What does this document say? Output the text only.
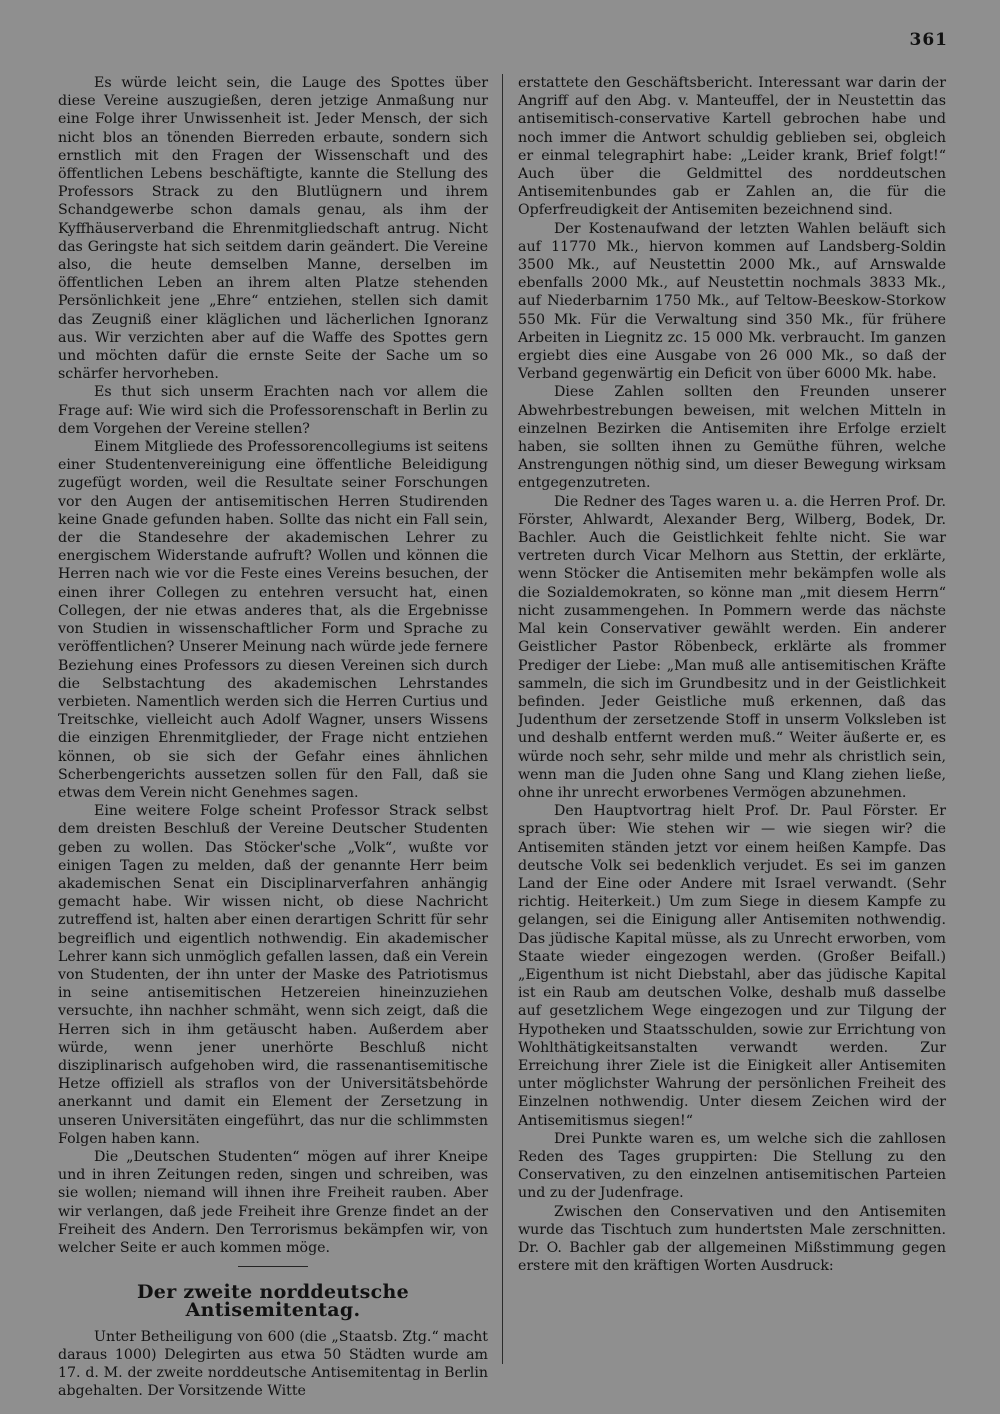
361

Es würde leicht sein, die Lauge des Spottes über diese Vereine auszugießen, deren jetzige Anmaßung nur eine Folge ihrer Unwissenheit ist. Jeder Mensch, der sich nicht blos an tönenden Bierreden erbaute, sondern sich ernstlich mit den Fragen der Wissenschaft und des öffentlichen Lebens beschäftigte, kannte die Stellung des Professors Strack zu den Blutlügnern und ihrem Schandgewerbe schon damals genau, als ihm der Kyffhäuserverband die Ehrenmitgliedschaft antrug. Nicht das Geringste hat sich seitdem darin geändert. Die Vereine also, die heute demselben Manne, derselben im öffentlichen Leben an ihrem alten Platze stehenden Persönlichkeit jene „Ehre“ entziehen, stellen sich damit das Zeugniß einer kläglichen und lächerlichen Ignoranz aus. Wir verzichten aber auf die Waffe des Spottes gern und möchten dafür die ernste Seite der Sache um so schärfer hervorheben.

Es thut sich unserm Erachten nach vor allem die Frage auf: Wie wird sich die Professorenschaft in Berlin zu dem Vorgehen der Vereine stellen?

Einem Mitgliede des Professorencollegiums ist seitens einer Studentenvereinigung eine öffentliche Beleidigung zugefügt worden, weil die Resultate seiner Forschungen vor den Augen der antisemitischen Herren Studirenden keine Gnade gefunden haben. Sollte das nicht ein Fall sein, der die Standesehre der akademischen Lehrer zu energischem Widerstande aufruft? Wollen und können die Herren nach wie vor die Feste eines Vereins besuchen, der einen ihrer Collegen zu entehren versucht hat, einen Collegen, der nie etwas anderes that, als die Ergebnisse von Studien in wissenschaftlicher Form und Sprache zu veröffentlichen? Unserer Meinung nach würde jede fernere Beziehung eines Professors zu diesen Vereinen sich durch die Selbstachtung des akademischen Lehrstandes verbieten. Namentlich werden sich die Herren Curtius und Treitschke, vielleicht auch Adolf Wagner, unsers Wissens die einzigen Ehrenmitglieder, der Frage nicht entziehen können, ob sie sich der Gefahr eines ähnlichen Scherbengerichts aussetzen sollen für den Fall, daß sie etwas dem Verein nicht Genehmes sagen.

Eine weitere Folge scheint Professor Strack selbst dem dreisten Beschluß der Vereine Deutscher Studenten geben zu wollen. Das Stöcker'sche „Volk“, wußte vor einigen Tagen zu melden, daß der genannte Herr beim akademischen Senat ein Disciplinarverfahren anhängig gemacht habe. Wir wissen nicht, ob diese Nachricht zutreffend ist, halten aber einen derartigen Schritt für sehr begreiflich und eigentlich nothwendig. Ein akademischer Lehrer kann sich unmöglich gefallen lassen, daß ein Verein von Studenten, der ihn unter der Maske des Patriotismus in seine antisemitischen Hetzereien hineinzuziehen versuchte, ihn nachher schmäht, wenn sich zeigt, daß die Herren sich in ihm getäuscht haben. Außerdem aber würde, wenn jener unerhörte Beschluß nicht disziplinarisch aufgehoben wird, die rassenantisemitische Hetze offiziell als straflos von der Universitätsbehörde anerkannt und damit ein Element der Zersetzung in unseren Universitäten eingeführt, das nur die schlimmsten Folgen haben kann.

Die „Deutschen Studenten“ mögen auf ihrer Kneipe und in ihren Zeitungen reden, singen und schreiben, was sie wollen; niemand will ihnen ihre Freiheit rauben. Aber wir verlangen, daß jede Freiheit ihre Grenze findet an der Freiheit des Andern. Den Terrorismus bekämpfen wir, von welcher Seite er auch kommen möge.

Der zweite norddeutsche Antisemitentag.

Unter Betheiligung von 600 (die „Staatsb. Ztg.“ macht daraus 1000) Delegirten aus etwa 50 Städten wurde am 17. d. M. der zweite norddeutsche Antisemitentag in Berlin abgehalten. Der Vorsitzende Witte

erstattete den Geschäftsbericht. Interessant war darin der Angriff auf den Abg. v. Manteuffel, der in Neustettin das antisemitisch-conservative Kartell gebrochen habe und noch immer die Antwort schuldig geblieben sei, obgleich er einmal telegraphirt habe: „Leider krank, Brief folgt!“ Auch über die Geldmittel des norddeutschen Antisemitenbundes gab er Zahlen an, die für die Opferfreudigkeit der Antisemiten bezeichnend sind.

Der Kostenaufwand der letzten Wahlen beläuft sich auf 11770 Mk., hiervon kommen auf Landsberg-Soldin 3500 Mk., auf Neustettin 2000 Mk., auf Arnswalde ebenfalls 2000 Mk., auf Neustettin nochmals 3833 Mk., auf Niederbarnim 1750 Mk., auf Teltow-Beeskow-Storkow 550 Mk. Für die Verwaltung sind 350 Mk., für frühere Arbeiten in Liegnitz zc. 15 000 Mk. verbraucht. Im ganzen ergiebt dies eine Ausgabe von 26 000 Mk., so daß der Verband gegenwärtig ein Deficit von über 6000 Mk. habe.

Diese Zahlen sollten den Freunden unserer Abwehrbestrebungen beweisen, mit welchen Mitteln in einzelnen Bezirken die Antisemiten ihre Erfolge erzielt haben, sie sollten ihnen zu Gemüthe führen, welche Anstrengungen nöthig sind, um dieser Bewegung wirksam entgegenzutreten.

Die Redner des Tages waren u. a. die Herren Prof. Dr. Förster, Ahlwardt, Alexander Berg, Wilberg, Bodek, Dr. Bachler. Auch die Geistlichkeit fehlte nicht. Sie war vertreten durch Vicar Melhorn aus Stettin, der erklärte, wenn Stöcker die Antisemiten mehr bekämpfen wolle als die Sozialdemokraten, so könne man „mit diesem Herrn“ nicht zusammengehen. In Pommern werde das nächste Mal kein Conservativer gewählt werden. Ein anderer Geistlicher Pastor Röbenbeck, erklärte als frommer Prediger der Liebe: „Man muß alle antisemitischen Kräfte sammeln, die sich im Grundbesitz und in der Geistlichkeit befinden. Jeder Geistliche muß erkennen, daß das Judenthum der zersetzende Stoff in unserm Volksleben ist und deshalb entfernt werden muß.“ Weiter äußerte er, es würde noch sehr, sehr milde und mehr als christlich sein, wenn man die Juden ohne Sang und Klang ziehen ließe, ohne ihr unrecht erworbenes Vermögen abzunehmen.

Den Hauptvortrag hielt Prof. Dr. Paul Förster. Er sprach über: Wie stehen wir — wie siegen wir? die Antisemiten ständen jetzt vor einem heißen Kampfe. Das deutsche Volk sei bedenklich verjudet. Es sei im ganzen Land der Eine oder Andere mit Israel verwandt. (Sehr richtig. Heiterkeit.) Um zum Siege in diesem Kampfe zu gelangen, sei die Einigung aller Antisemiten nothwendig. Das jüdische Kapital müsse, als zu Unrecht erworben, vom Staate wieder eingezogen werden. (Großer Beifall.) „Eigenthum ist nicht Diebstahl, aber das jüdische Kapital ist ein Raub am deutschen Volke, deshalb muß dasselbe auf gesetzlichem Wege eingezogen und zur Tilgung der Hypotheken und Staatsschulden, sowie zur Errichtung von Wohlthätigkeitsanstalten verwandt werden. Zur Erreichung ihrer Ziele ist die Einigkeit aller Antisemiten unter möglichster Wahrung der persönlichen Freiheit des Einzelnen nothwendig. Unter diesem Zeichen wird der Antisemitismus siegen!“

Drei Punkte waren es, um welche sich die zahllosen Reden des Tages gruppirten: Die Stellung zu den Conservativen, zu den einzelnen antisemitischen Parteien und zu der Judenfrage.

Zwischen den Conservativen und den Antisemiten wurde das Tischtuch zum hundertsten Male zerschnitten. Dr. O. Bachler gab der allgemeinen Mißstimmung gegen erstere mit den kräftigen Worten Ausdruck:
